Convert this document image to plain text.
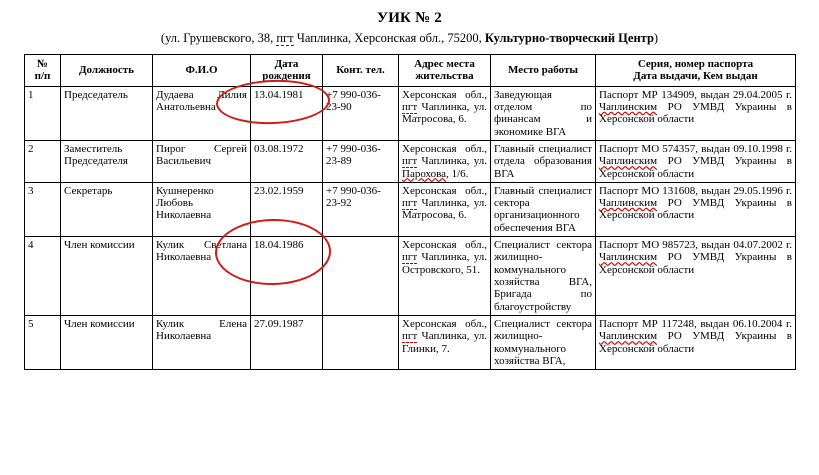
УИК № 2
(ул. Грушевского, 38, пгт Чаплинка, Херсонская обл., 75200, Культурно-творческий Центр)
№
п/п
	Должность	Ф.И.О	
Дата
рождения
	Конт. тел.	
Адрес места
жительства
	Место работы	
Серия, номер паспорта
Дата выдачи, Кем выдан

1	Председатель	Дудаева Лилия Анатольевна	13.04.1981	+7 990-036-23-90	Херсонская обл., пгт Чаплинка, ул. Матросова, 6.	Заведующая отделом по финансам и экономике ВГА	Паспорт МР 134909, выдан 29.04.2005 г. Чаплинским РО УМВД Украины в Херсонской области
2	Заместитель Председателя	Пирог Сергей Васильевич	03.08.1972	+7 990-036-23-89	Херсонская обл., пгт Чаплинка, ул. Парохова, 1/6.	Главный специалист отдела образования ВГА	Паспорт МО 574357, выдан 09.10.1998 г. Чаплинским РО УМВД Украины в Херсонской области
3	Секретарь	Кушнеренко Любовь Николаевна	23.02.1959	+7 990-036-23-92	Херсонская обл., пгт Чаплинка, ул. Матросова, 6.	Главный специалист сектора организационного обеспечения ВГА	Паспорт МО 131608, выдан 29.05.1996 г. Чаплинским РО УМВД Украины в Херсонской области
4	Член комиссии	Кулик Светлана Николаевна	18.04.1986		Херсонская обл., пгт Чаплинка, ул. Островского, 51.	Специалист сектора жилищно-коммунального хозяйства ВГА, Бригада по благоустройству	Паспорт МО 985723, выдан 04.07.2002 г. Чаплинским РО УМВД Украины в Херсонской области
5	Член комиссии	Кулик Елена Николаевна	27.09.1987		Херсонская обл., пгт Чаплинка, ул. Глинки, 7.	Специалист сектора жилищно-коммунального хозяйства ВГА,	Паспорт МР 117248, выдан 06.10.2004 г. Чаплинским РО УМВД Украины в Херсонской области
